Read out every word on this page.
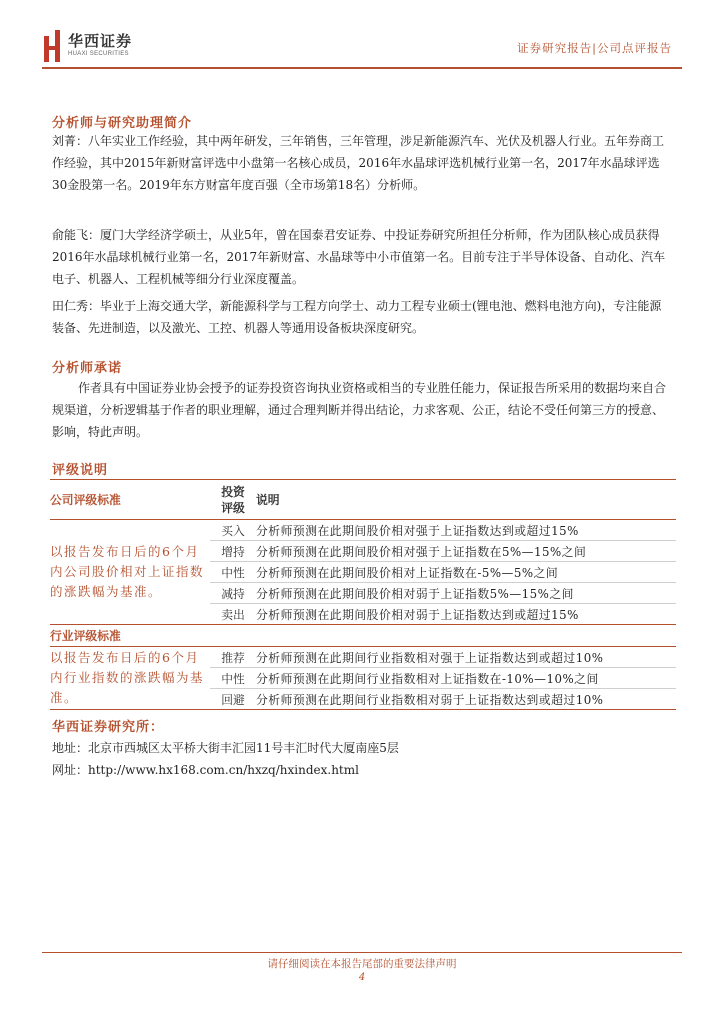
华西证券
HUAXI SECURITIES	证券研究报告|公司点评报告
分析师与研究助理简介
刘菁：八年实业工作经验，其中两年研发，三年销售，三年管理，涉足新能源汽车、光伏及机器人行业。五年券商工作经验，其中2015年新财富评选中小盘第一名核心成员，2016年水晶球评选机械行业第一名，2017年水晶球评选30金股第一名。2019年东方财富年度百强（全市场第18名）分析师。
俞能飞：厦门大学经济学硕士，从业5年，曾在国泰君安证券、中投证券研究所担任分析师，作为团队核心成员获得2016年水晶球机械行业第一名，2017年新财富、水晶球等中小市值第一名。目前专注于半导体设备、自动化、汽车电子、机器人、工程机械等细分行业深度覆盖。
田仁秀：毕业于上海交通大学，新能源科学与工程方向学士、动力工程专业硕士(锂电池、燃料电池方向)，专注能源装备、先进制造，以及激光、工控、机器人等通用设备板块深度研究。
分析师承诺
作者具有中国证券业协会授予的证券投资咨询执业资格或相当的专业胜任能力，保证报告所采用的数据均来自合规渠道，分析逻辑基于作者的职业理解，通过合理判断并得出结论，力求客观、公正，结论不受任何第三方的授意、影响，特此声明。
评级说明
公司评级标准	投资评级	说明
以报告发布日后的6个月内公司股价相对上证指数的涨跌幅为基准。	买入	分析师预测在此期间股价相对强于上证指数达到或超过15%
	增持	分析师预测在此期间股价相对强于上证指数在5%—15%之间
	中性	分析师预测在此期间股价相对上证指数在-5%—5%之间
	减持	分析师预测在此期间股价相对弱于上证指数5%—15%之间
	卖出	分析师预测在此期间股价相对弱于上证指数达到或超过15%
行业评级标准		
以报告发布日后的6个月内行业指数的涨跌幅为基准。	推荐	分析师预测在此期间行业指数相对强于上证指数达到或超过10%
	中性	分析师预测在此期间行业指数相对上证指数在-10%—10%之间
	回避	分析师预测在此期间行业指数相对弱于上证指数达到或超过10%
华西证券研究所：
地址：北京市西城区太平桥大街丰汇园11号丰汇时代大厦南座5层
网址：http://www.hx168.com.cn/hxzq/hxindex.html
请仔细阅读在本报告尾部的重要法律声明
4
